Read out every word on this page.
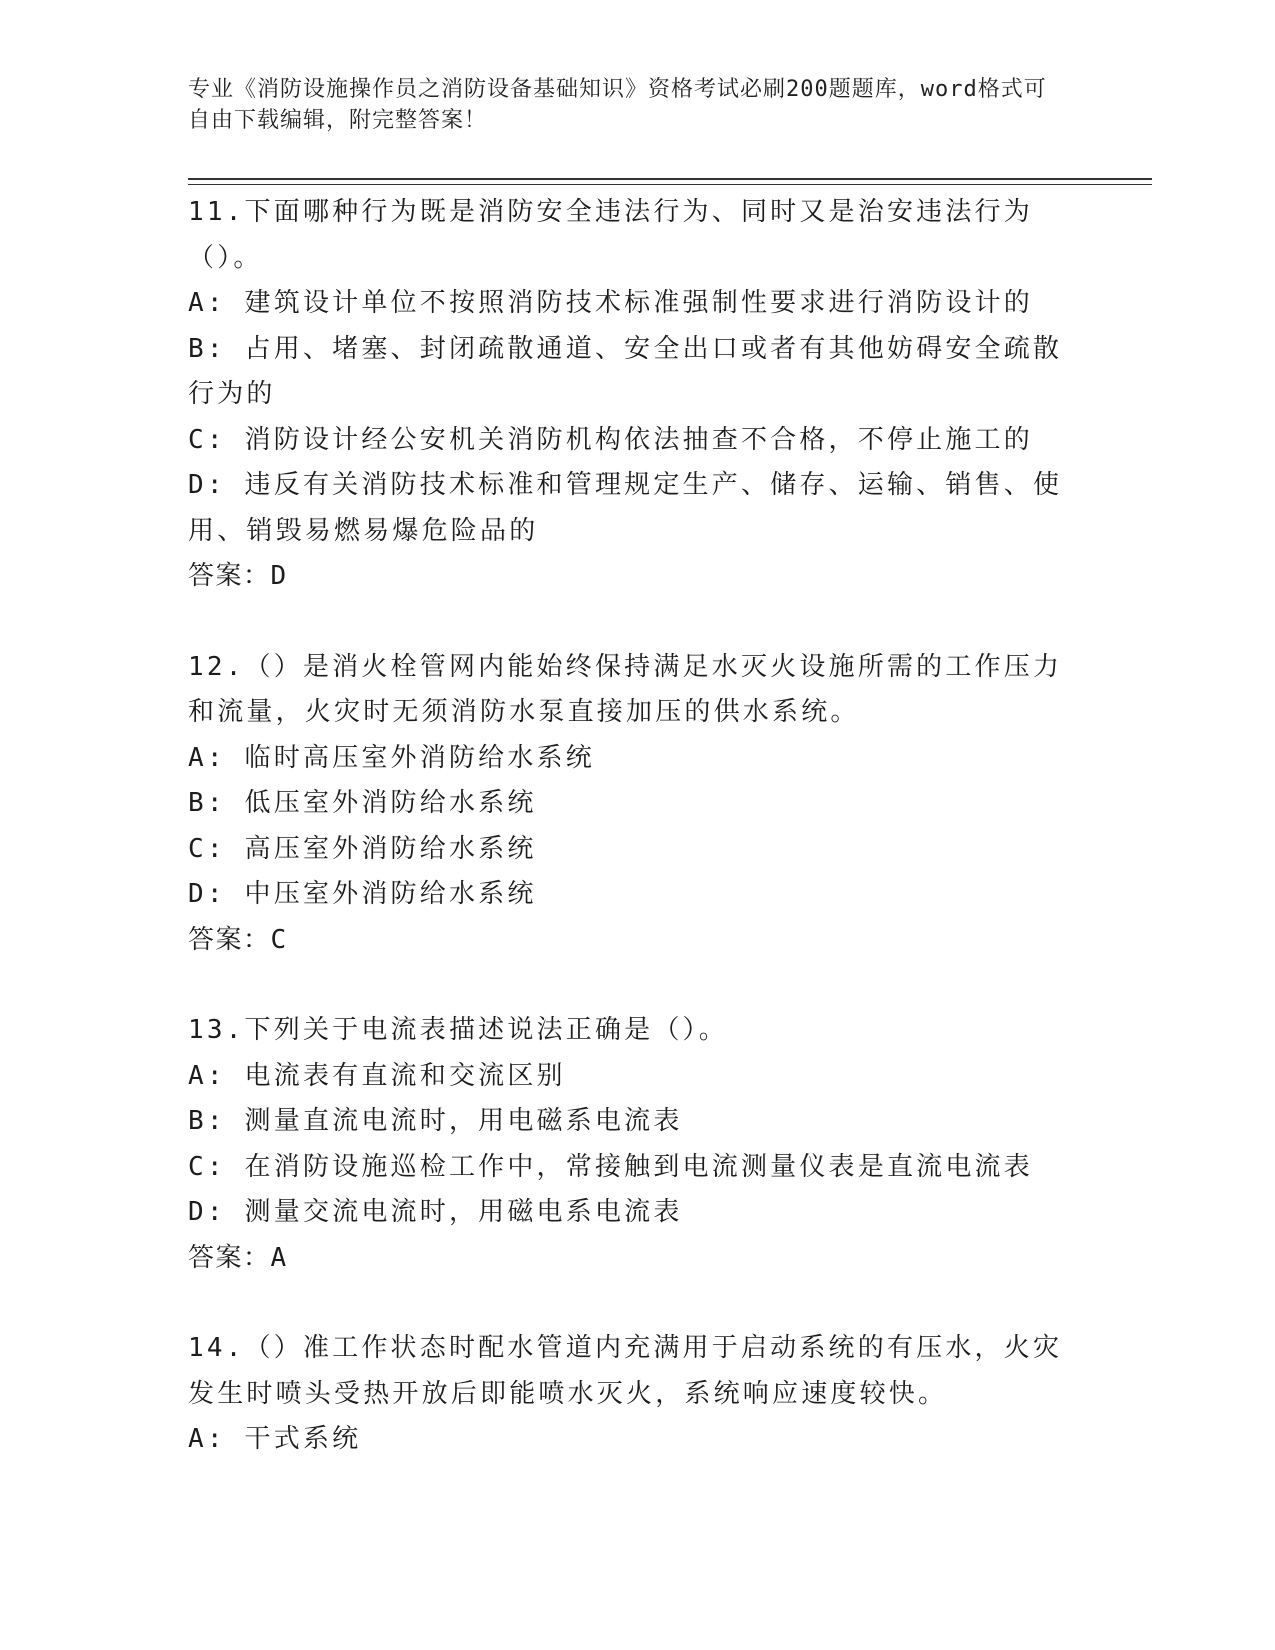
专业《消防设施操作员之消防设备基础知识》资格考试必刷200题题库，word格式可自由下载编辑，附完整答案！

11.下面哪种行为既是消防安全违法行为、同时又是治安违法行为（）。

A: 建筑设计单位不按照消防技术标准强制性要求进行消防设计的

B: 占用、堵塞、封闭疏散通道、安全出口或者有其他妨碍安全疏散行为的

C: 消防设计经公安机关消防机构依法抽查不合格，不停止施工的

D: 违反有关消防技术标准和管理规定生产、储存、运输、销售、使用、销毁易燃易爆危险品的

答案：D

12.（）是消火栓管网内能始终保持满足水灭火设施所需的工作压力和流量，火灾时无须消防水泵直接加压的供水系统。

A: 临时高压室外消防给水系统

B: 低压室外消防给水系统

C: 高压室外消防给水系统

D: 中压室外消防给水系统

答案：C

13.下列关于电流表描述说法正确是（）。

A: 电流表有直流和交流区别

B: 测量直流电流时，用电磁系电流表

C: 在消防设施巡检工作中，常接触到电流测量仪表是直流电流表

D: 测量交流电流时，用磁电系电流表

答案：A

14.（）准工作状态时配水管道内充满用于启动系统的有压水，火灾发生时喷头受热开放后即能喷水灭火，系统响应速度较快。

A: 干式系统
